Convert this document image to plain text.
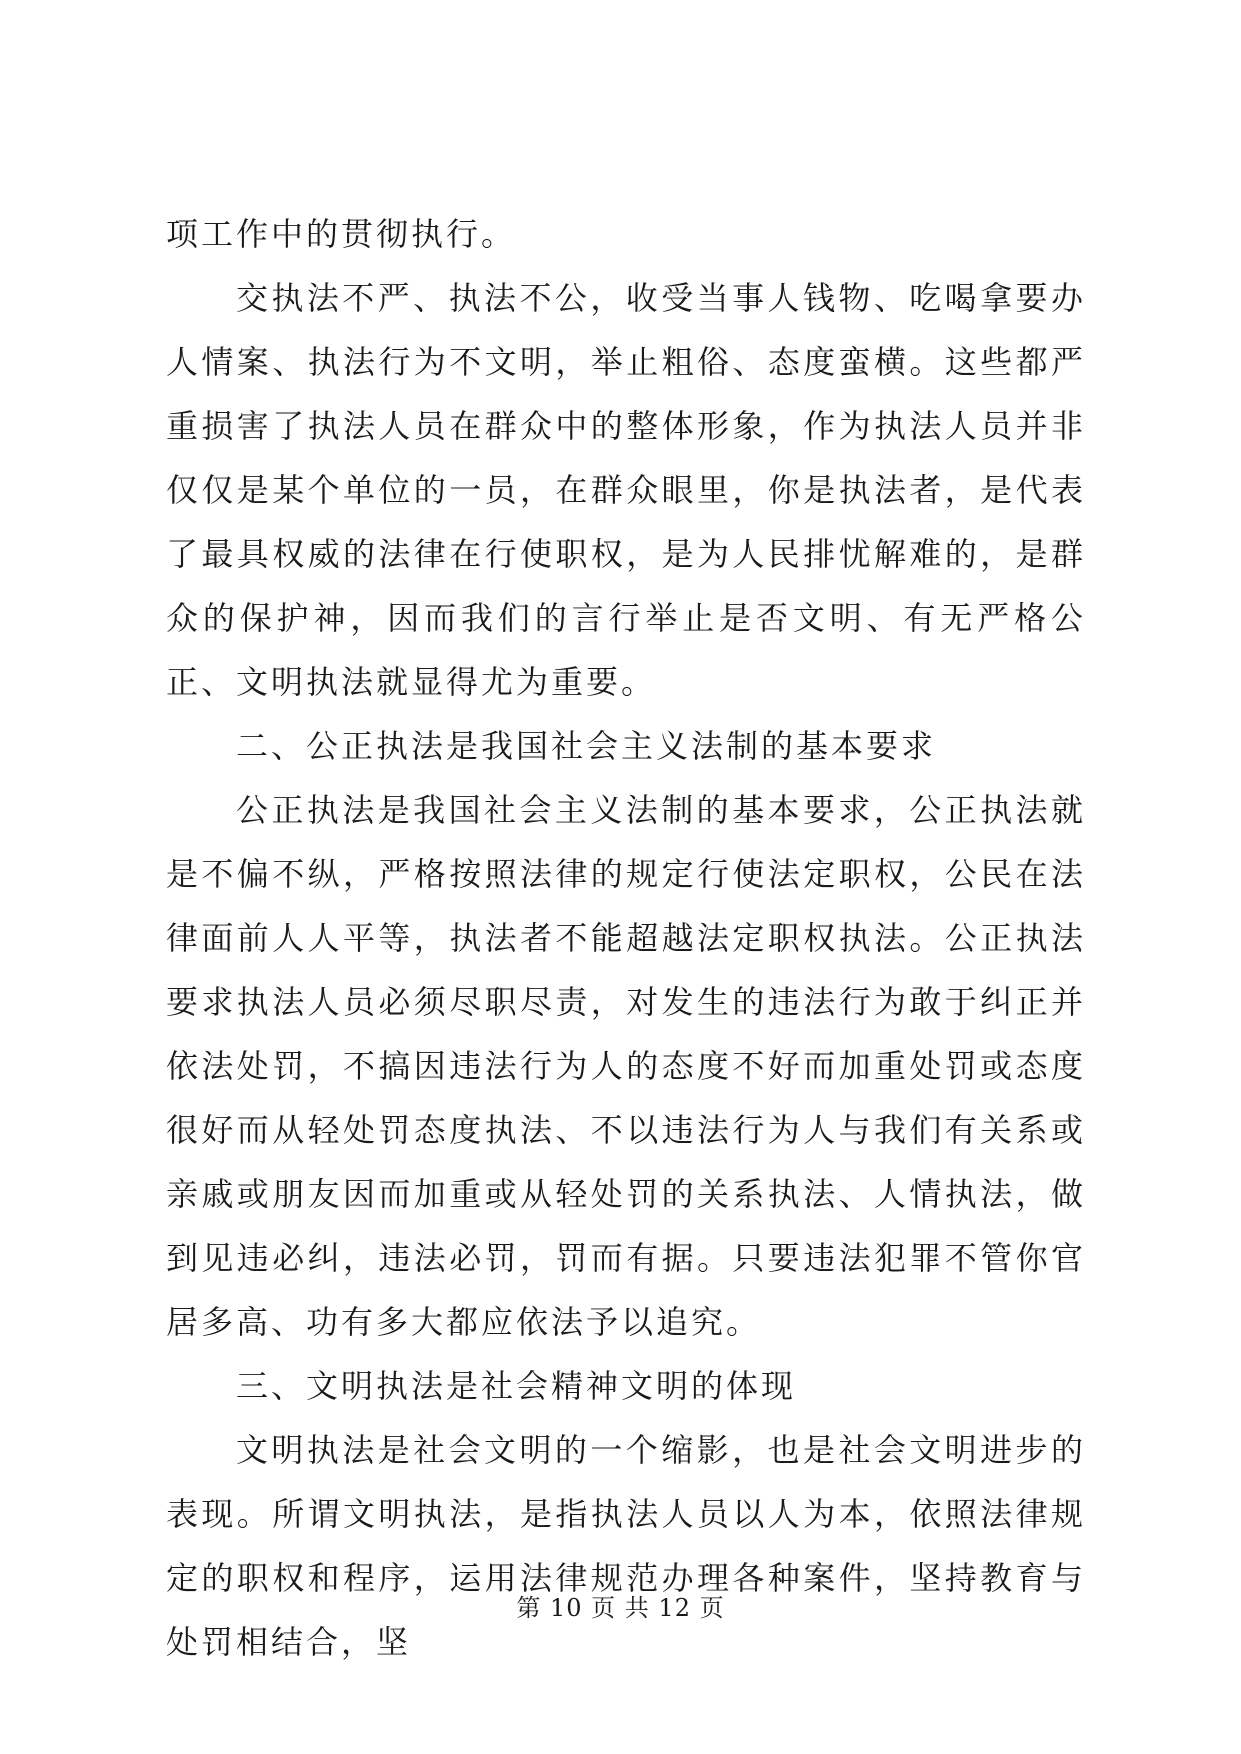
项工作中的贯彻执行。

交执法不严、执法不公，收受当事人钱物、吃喝拿要办人情案、执法行为不文明，举止粗俗、态度蛮横。这些都严重损害了执法人员在群众中的整体形象，作为执法人员并非仅仅是某个单位的一员，在群众眼里，你是执法者，是代表了最具权威的法律在行使职权，是为人民排忧解难的，是群众的保护神，因而我们的言行举止是否文明、有无严格公正、文明执法就显得尤为重要。

二、公正执法是我国社会主义法制的基本要求

公正执法是我国社会主义法制的基本要求，公正执法就是不偏不纵，严格按照法律的规定行使法定职权，公民在法律面前人人平等，执法者不能超越法定职权执法。公正执法要求执法人员必须尽职尽责，对发生的违法行为敢于纠正并依法处罚，不搞因违法行为人的态度不好而加重处罚或态度很好而从轻处罚态度执法、不以违法行为人与我们有关系或亲戚或朋友因而加重或从轻处罚的关系执法、人情执法，做到见违必纠，违法必罚，罚而有据。只要违法犯罪不管你官居多高、功有多大都应依法予以追究。

三、文明执法是社会精神文明的体现

文明执法是社会文明的一个缩影，也是社会文明进步的表现。所谓文明执法，是指执法人员以人为本，依照法律规定的职权和程序，运用法律规范办理各种案件，坚持教育与处罚相结合，坚

第 10 页 共 12 页
